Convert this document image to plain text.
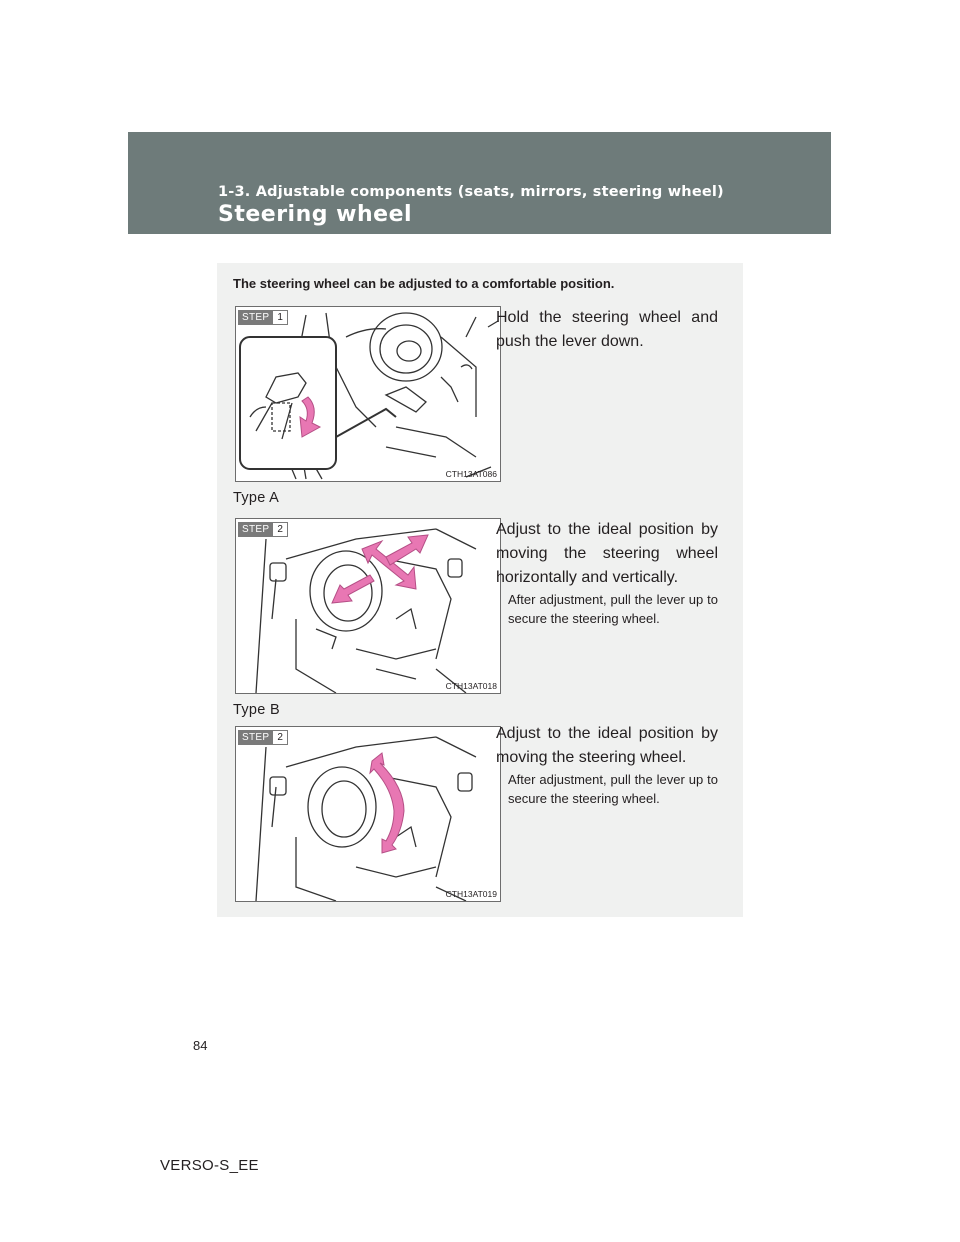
1-3. Adjustable components (seats, mirrors, steering wheel)
Steering wheel
The steering wheel can be adjusted to a comfortable position.
STEP 1
CTH13AT086
Hold the steering wheel and push the lever down.
Type A
STEP 2
CTH13AT018
Adjust to the ideal position by moving the steering wheel horizontally and vertically.
After adjustment, pull the lever up to secure the steering wheel.
Type B
STEP 2
CTH13AT019
Adjust to the ideal position by moving the steering wheel.
After adjustment, pull the lever up to secure the steering wheel.
84
VERSO-S_EE
